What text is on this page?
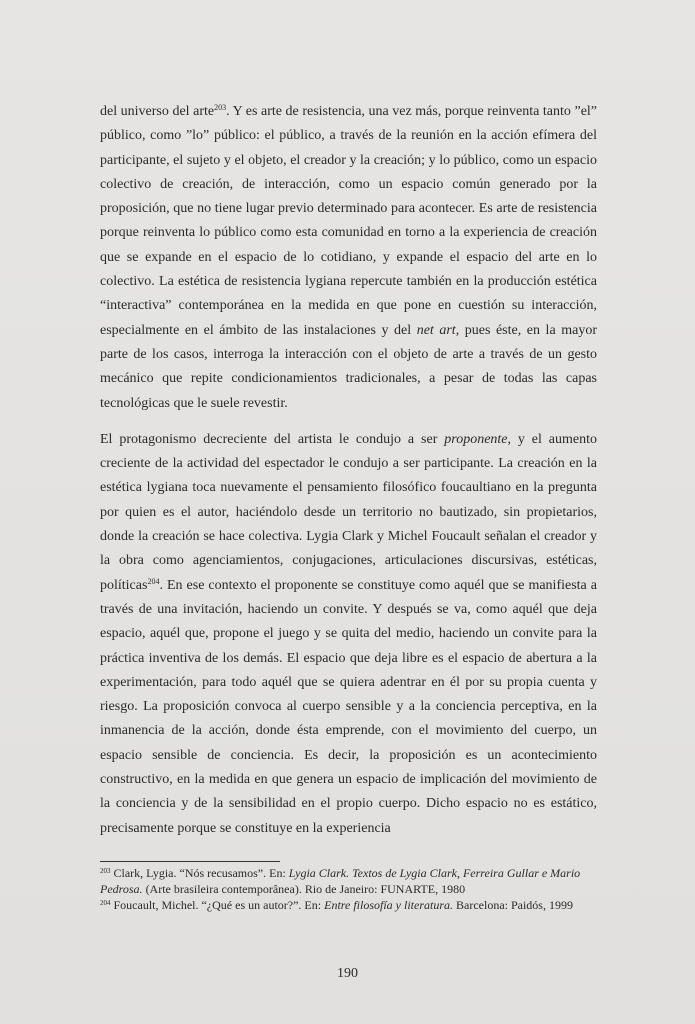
del universo del arte$^{203}$. Y es arte de resistencia, una vez más, porque reinventa tanto ”el” público, como ”lo” público: el público, a través de la reunión en la acción efímera del participante, el sujeto y el objeto, el creador y la creación; y lo público, como un espacio colectivo de creación, de interacción, como un espacio común generado por la proposición, que no tiene lugar previo determinado para acontecer. Es arte de resistencia porque reinventa lo público como esta comunidad en torno a la experiencia de creación que se expande en el espacio de lo cotidiano, y expande el espacio del arte en lo colectivo. La estética de resistencia lygiana repercute también en la producción estética “interactiva” contemporánea en la medida en que pone en cuestión su interacción, especialmente en el ámbito de las instalaciones y del net art, pues éste, en la mayor parte de los casos, interroga la interacción con el objeto de arte a través de un gesto mecánico que repite condicionamientos tradicionales, a pesar de todas las capas tecnológicas que le suele revestir.

El protagonismo decreciente del artista le condujo a ser proponente, y el aumento creciente de la actividad del espectador le condujo a ser participante. La creación en la estética lygiana toca nuevamente el pensamiento filosófico foucaultiano en la pregunta por quien es el autor, haciéndolo desde un territorio no bautizado, sin propietarios, donde la creación se hace colectiva. Lygia Clark y Michel Foucault señalan el creador y la obra como agenciamientos, conjugaciones, articulaciones discursivas, estéticas, políticas$^{204}$. En ese contexto el proponente se constituye como aquél que se manifiesta a través de una invitación, haciendo un convite. Y después se va, como aquél que deja espacio, aquél que, propone el juego y se quita del medio, haciendo un convite para la práctica inventiva de los demás. El espacio que deja libre es el espacio de abertura a la experimentación, para todo aquél que se quiera adentrar en él por su propia cuenta y riesgo. La proposición convoca al cuerpo sensible y a la conciencia perceptiva, en la inmanencia de la acción, donde ésta emprende, con el movimiento del cuerpo, un espacio sensible de conciencia. Es decir, la proposición es un acontecimiento constructivo, en la medida en que genera un espacio de implicación del movimiento de la conciencia y de la sensibilidad en el propio cuerpo. Dicho espacio no es estático, precisamente porque se constituye en la experiencia

$^{203}$ Clark, Lygia. “Nós recusamos”. En: Lygia Clark. Textos de Lygia Clark, Ferreira Gullar e Mario Pedrosa. (Arte brasileira contemporânea). Rio de Janeiro: FUNARTE, 1980
$^{204}$ Foucault, Michel. “¿Qué es un autor?”. En: Entre filosofía y literatura. Barcelona: Paidós, 1999
190
